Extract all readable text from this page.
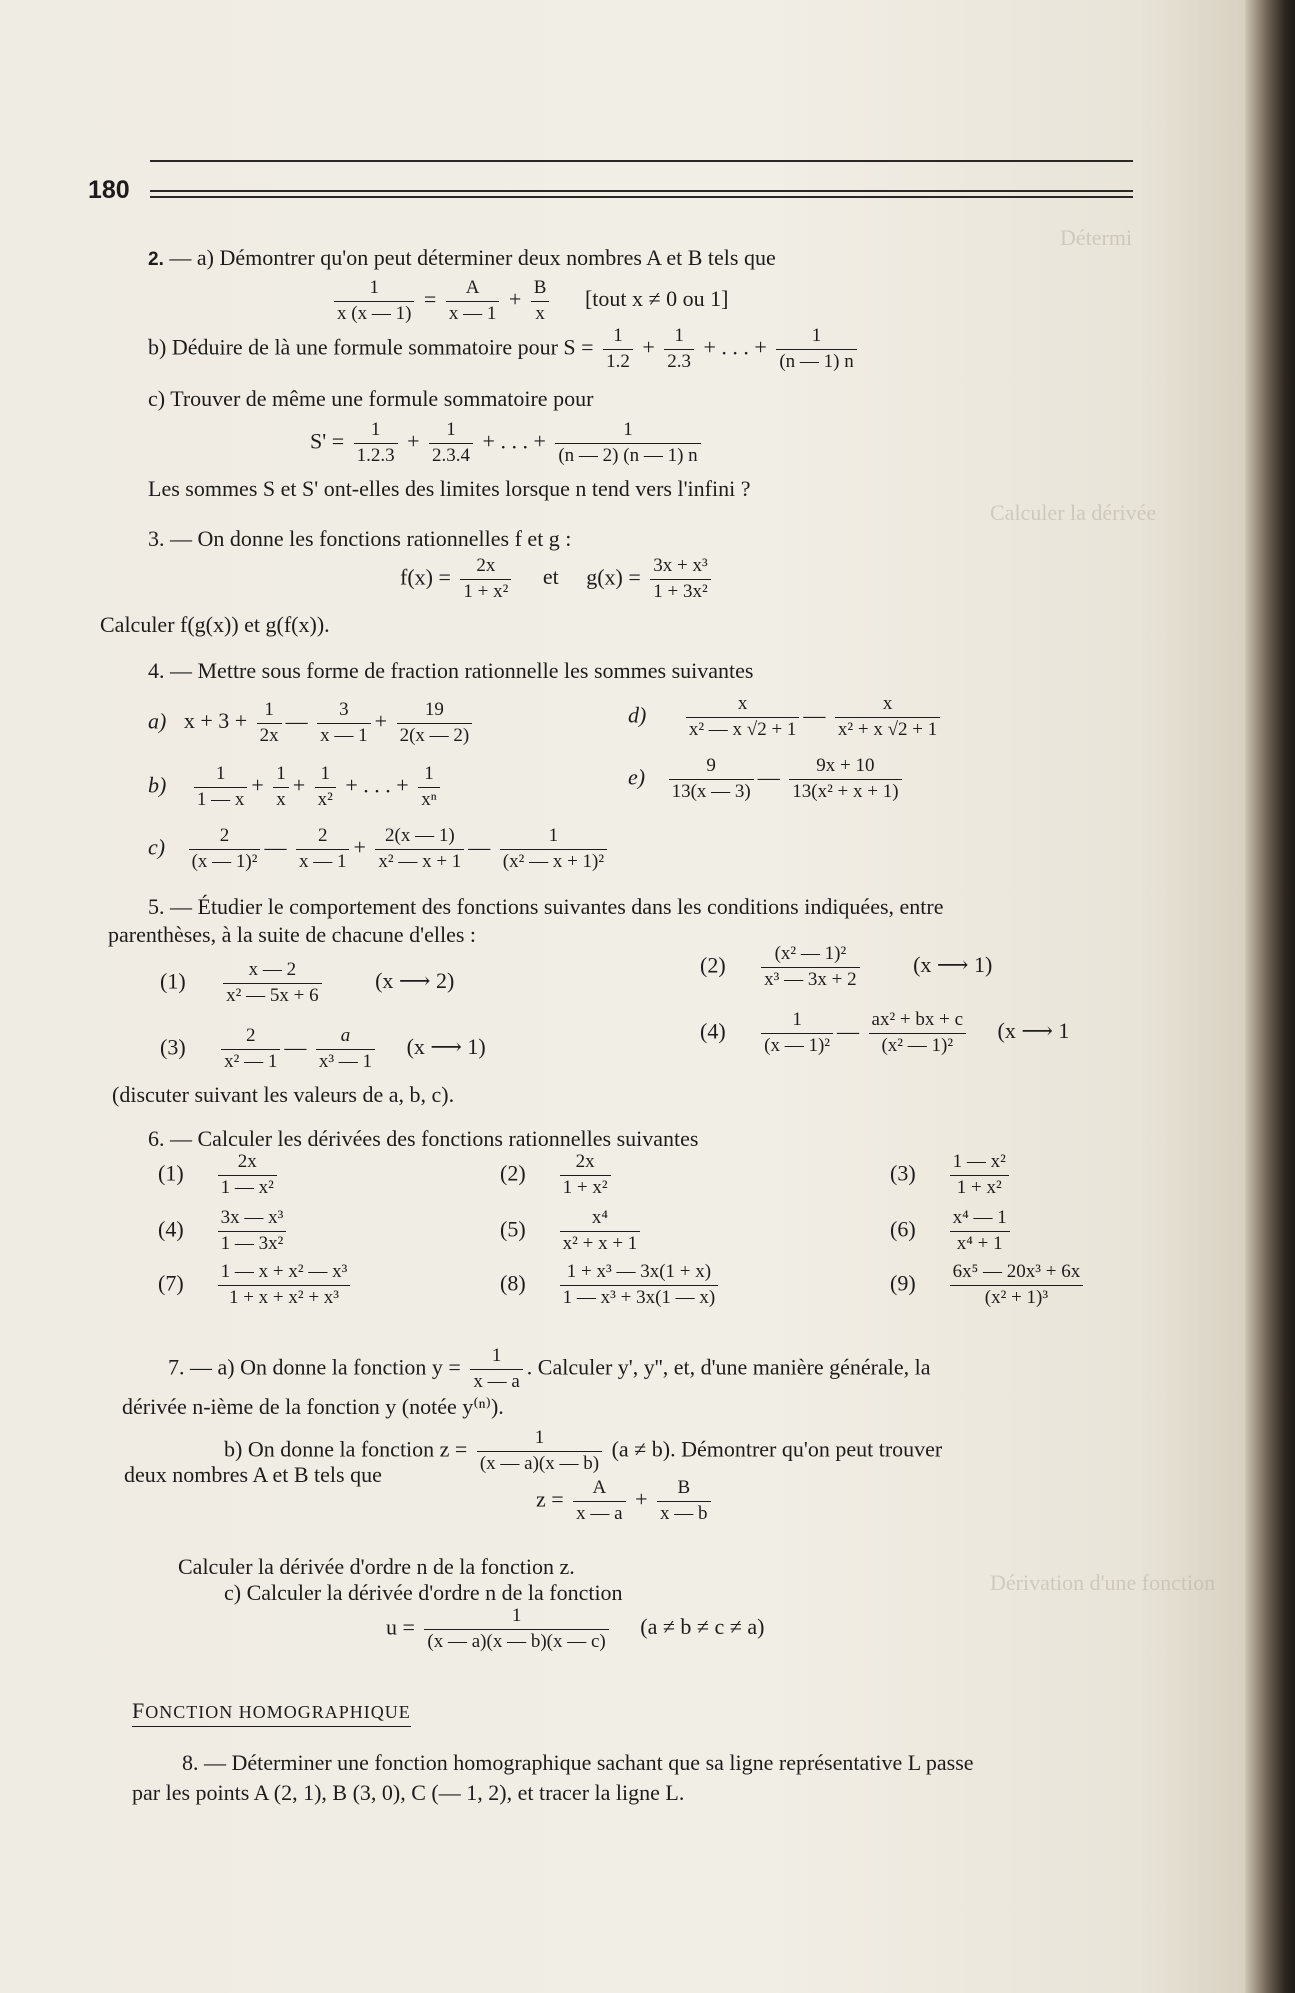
Détermi
Calculer la dérivée
Dérivation d'une fonction
180
2. — a) Démontrer qu'on peut déterminer deux nombres A et B tels que
$\frac{1}{x (x — 1)} = \frac{A}{x — 1} + \frac{B}{x}$ [tout x ≠ 0 ou 1]
b) Déduire de là une formule sommatoire pour $S = \frac{1}{1.2} + \frac{1}{2.3}$ + . . . + $\frac{1}{(n — 1) n}$
c) Trouver de même une formule sommatoire pour
$S' = \frac{1}{1.2.3} + \frac{1}{2.3.4}$ + . . . + $\frac{1}{(n — 2) (n — 1) n}$
Les sommes S et S' ont-elles des limites lorsque n tend vers l'infini ?
3. — On donne les fonctions rationnelles f et g :
$f(x) = \frac{2x}{\text{1 + x²}}$ et $g(x) = \frac{\text{3x + x³}}{\text{1 + 3x²}}$
Calculer f(g(x)) et g(f(x)).
4. — Mettre sous forme de fraction rationnelle les sommes suivantes
a) $x + 3 + \frac{1}{2x}$ — $\frac{3}{x — 1} + \frac{19}{2(x — 2)}$	$d) \frac{x}{\text{x² — x √2 + 1}}$ — $\frac{x}{\text{x² + x √2 + 1}}$
$b) \frac{1}{1 — x} + \frac{1}{x} + \frac{1}{\text{x²}}$ + . . . + $\frac{1}{\text{xⁿ}}$	$e) \frac{9}{13(x — 3)}$ — $\frac{9x + 10}{\text{13(x² + x + 1)}}$
$c) \frac{2}{\text{(x — 1)²}}$ — $\frac{2}{x — 1} + \frac{2(x — 1)}{\text{x² — x + 1}}$ — $\frac{1}{\text{(x² — x + 1)²}}$
5. — Étudier le comportement des fonctions suivantes dans les conditions indiquées, entre
parenthèses, à la suite de chacune d'elles :
$(1) \frac{x — 2}{\text{x² — 5x + 6}} (x$ ⟶ 2)
$(2) \frac{\text{(x² — 1)²}}{\text{x³ — 3x + 2}} (x$ ⟶ 1)
$(3) \frac{2}{\text{x² — 1}}$ — $\frac{a}{\text{x³ — 1}} (x$ ⟶ 1)
$(4) \frac{1}{\text{(x — 1)²}}$ — $\frac{\text{ax² + bx + c}}{\text{(x² — 1)²}} (x$ ⟶ 1
(discuter suivant les valeurs de a, b, c).
6. — Calculer les dérivées des fonctions rationnelles suivantes
$(1) \frac{2x}{\text{1 — x²}}$	$(2) \frac{2x}{\text{1 + x²}}$	$(3) \frac{\text{1 — x²}}{\text{1 + x²}}$
$(4) \frac{\text{3x — x³}}{\text{1 — 3x²}}$	$(5) \frac{\text{x⁴}}{\text{x² + x + 1}}$	$(6) \frac{\text{x⁴ — 1}}{\text{x⁴ + 1}}$
$(7) \frac{\text{1 — x + x² — x³}}{\text{1 + x + x² + x³}}$	$(8) \frac{\text{1 + x³ — 3x(1 + x)}}{\text{1 — x³ + 3x(1 — x)}}$	$(9) \frac{\text{6x⁵ — 20x³ + 6x}}{\text{(x² + 1)³}}$
7. — a) On donne la fonction $y = \frac{1}{x — a}$ . Calculer y', y'', et, d'une manière générale, la
dérivée n-ième de la fonction y (notée y⁽ⁿ⁾).
b) On donne la fonction $z = \frac{1}{(x — a)(x — b)} (a \ne b)$. Démontrer qu'on peut trouver
deux nombres A et B tels que
$z = \frac{A}{x — a} + \frac{B}{x — b}$
Calculer la dérivée d'ordre n de la fonction z.
c) Calculer la dérivée d'ordre n de la fonction
$u = \frac{1}{(x — a)(x — b)(x — c)} (a \ne b \ne c \ne a)$
FONCTION HOMOGRAPHIQUE
8. — Déterminer une fonction homographique sachant que sa ligne représentative L passe
par les points A (2, 1), B (3, 0), C (— 1, 2), et tracer la ligne L.
